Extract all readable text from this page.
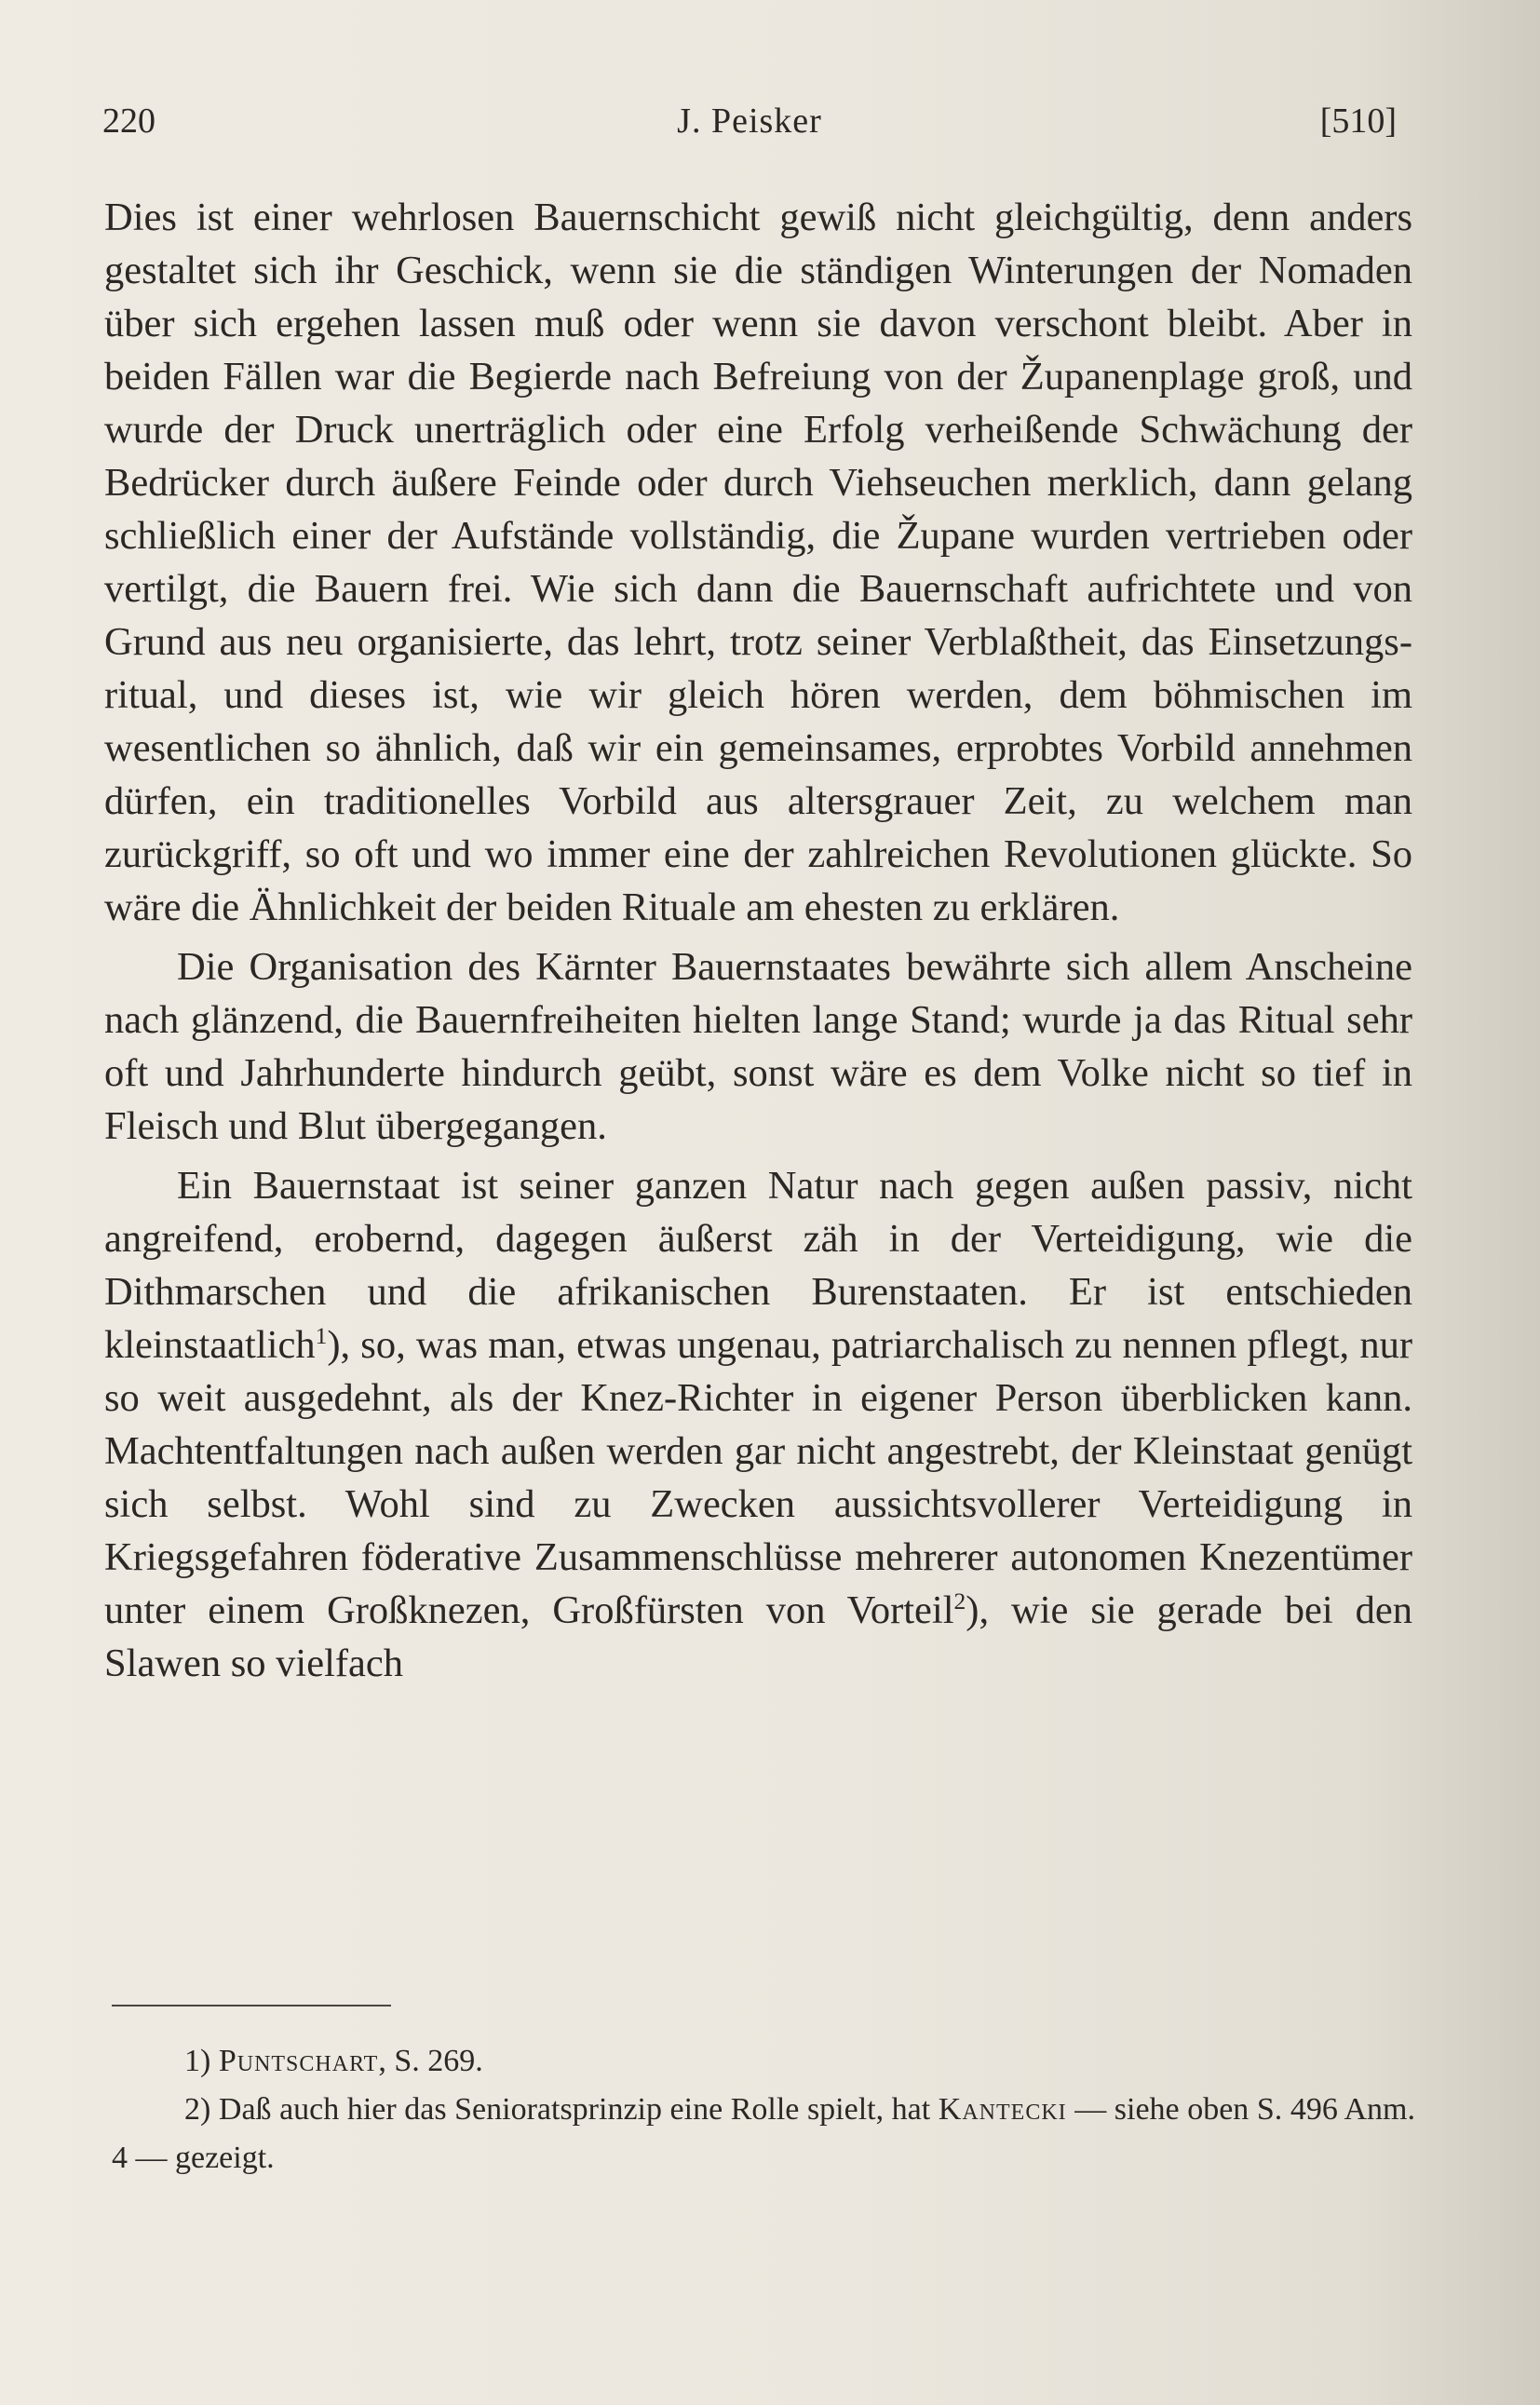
220	J. Peisker	[510]

Dies ist einer wehrlosen Bauernschicht gewiß nicht gleichgültig, denn anders gestaltet sich ihr Geschick, wenn sie die ständigen Winterungen der Nomaden über sich ergehen lassen muß oder wenn sie davon verschont bleibt. Aber in beiden Fällen war die Begierde nach Befreiung von der Županenplage groß, und wurde der Druck unerträglich oder eine Erfolg verheißende Schwächung der Bedrücker durch äußere Feinde oder durch Viehseuchen merklich, dann gelang schließlich einer der Aufstände vollständig, die Župane wurden vertrieben oder vertilgt, die Bauern frei. Wie sich dann die Bauernschaft aufrichtete und von Grund aus neu organisierte, das lehrt, trotz seiner Verblaßtheit, das Einsetzungsritual, und dieses ist, wie wir gleich hören werden, dem böhmischen im wesentlichen so ähnlich, daß wir ein gemeinsames, erprobtes Vorbild annehmen dürfen, ein traditionelles Vorbild aus altersgrauer Zeit, zu welchem man zurückgriff, so oft und wo immer eine der zahlreichen Revolutionen glückte. So wäre die Ähnlichkeit der beiden Rituale am ehesten zu erklären.

Die Organisation des Kärnter Bauernstaates bewährte sich allem Anscheine nach glänzend, die Bauernfreiheiten hielten lange Stand; wurde ja das Ritual sehr oft und Jahrhunderte hindurch geübt, sonst wäre es dem Volke nicht so tief in Fleisch und Blut übergegangen.

Ein Bauernstaat ist seiner ganzen Natur nach gegen außen passiv, nicht angreifend, erobernd, dagegen äußerst zäh in der Verteidigung, wie die Dithmarschen und die afrikanischen Burenstaaten. Er ist entschieden kleinstaatlich$^1$), so, was man, etwas ungenau, patriarchalisch zu nennen pflegt, nur so weit ausgedehnt, als der Knez-Richter in eigener Person überblicken kann. Machtentfaltungen nach außen werden gar nicht angestrebt, der Kleinstaat genügt sich selbst. Wohl sind zu Zwecken aussichtsvollerer Verteidigung in Kriegsgefahren föderative Zusammenschlüsse mehrerer autonomen Knezentümer unter einem Großknezen, Großfürsten von Vorteil$^2$), wie sie gerade bei den Slawen so vielfach

1) Puntschart, S. 269.

2) Daß auch hier das Senioratsprinzip eine Rolle spielt, hat Kantecki — siehe oben S. 496 Anm. 4 — gezeigt.
